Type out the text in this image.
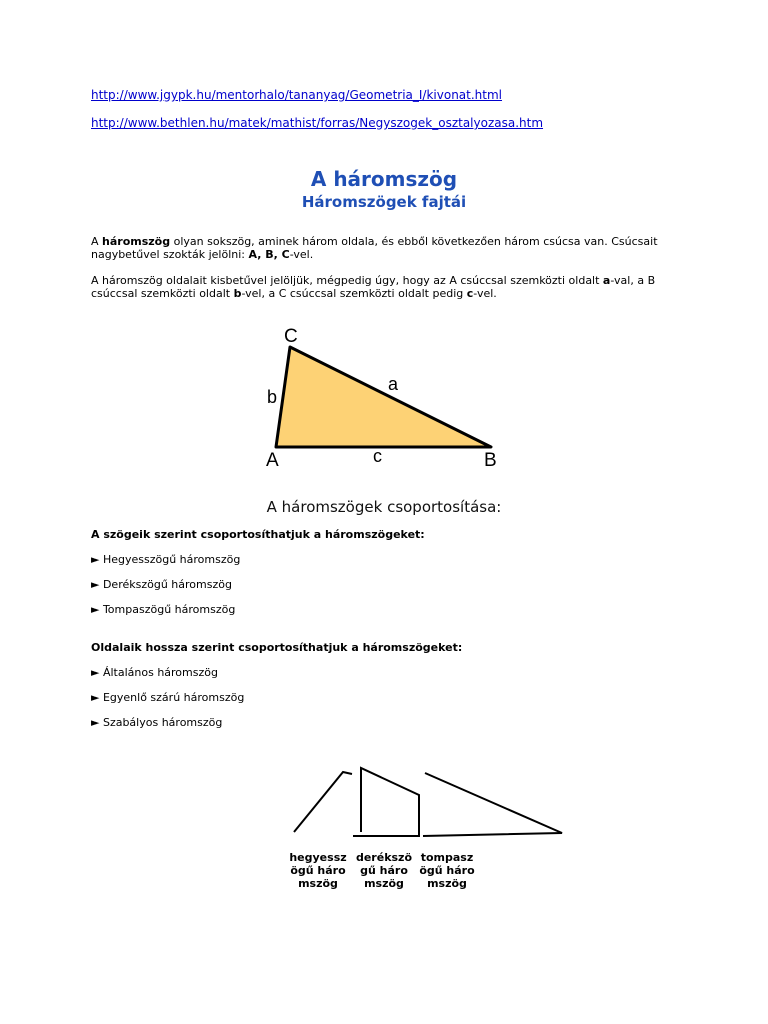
http://www.jgypk.hu/mentorhalo/tananyag/Geometria_I/kivonat.html
http://www.bethlen.hu/matek/mathist/forras/Negyszogek_osztalyozasa.htm
A háromszög
Háromszögek fajtái
A háromszög olyan sokszög, aminek három oldala, és ebből következően három csúcsa van. Csúcsait nagybetűvel szokták jelölni: A, B, C-vel.
A háromszög oldalait kisbetűvel jelöljük, mégpedig úgy, hogy az A csúccsal szemközti oldalt a-val, a B csúccsal szemközti oldalt b-vel, a C csúccsal szemközti oldalt pedig c-vel.
C
b
a
A	c	B
A háromszögek csoportosítása:
A szögeik szerint csoportosíthatjuk a háromszögeket:
► Hegyesszögű háromszög
► Derékszögű háromszög
► Tompaszögű háromszög
Oldalaik hossza szerint csoportosíthatjuk a háromszögeket:
► Általános háromszög
► Egyenlő szárú háromszög
► Szabályos háromszög
hegyesszögű háromszög
derékszögű háromszög
tompaszögű háromszög
